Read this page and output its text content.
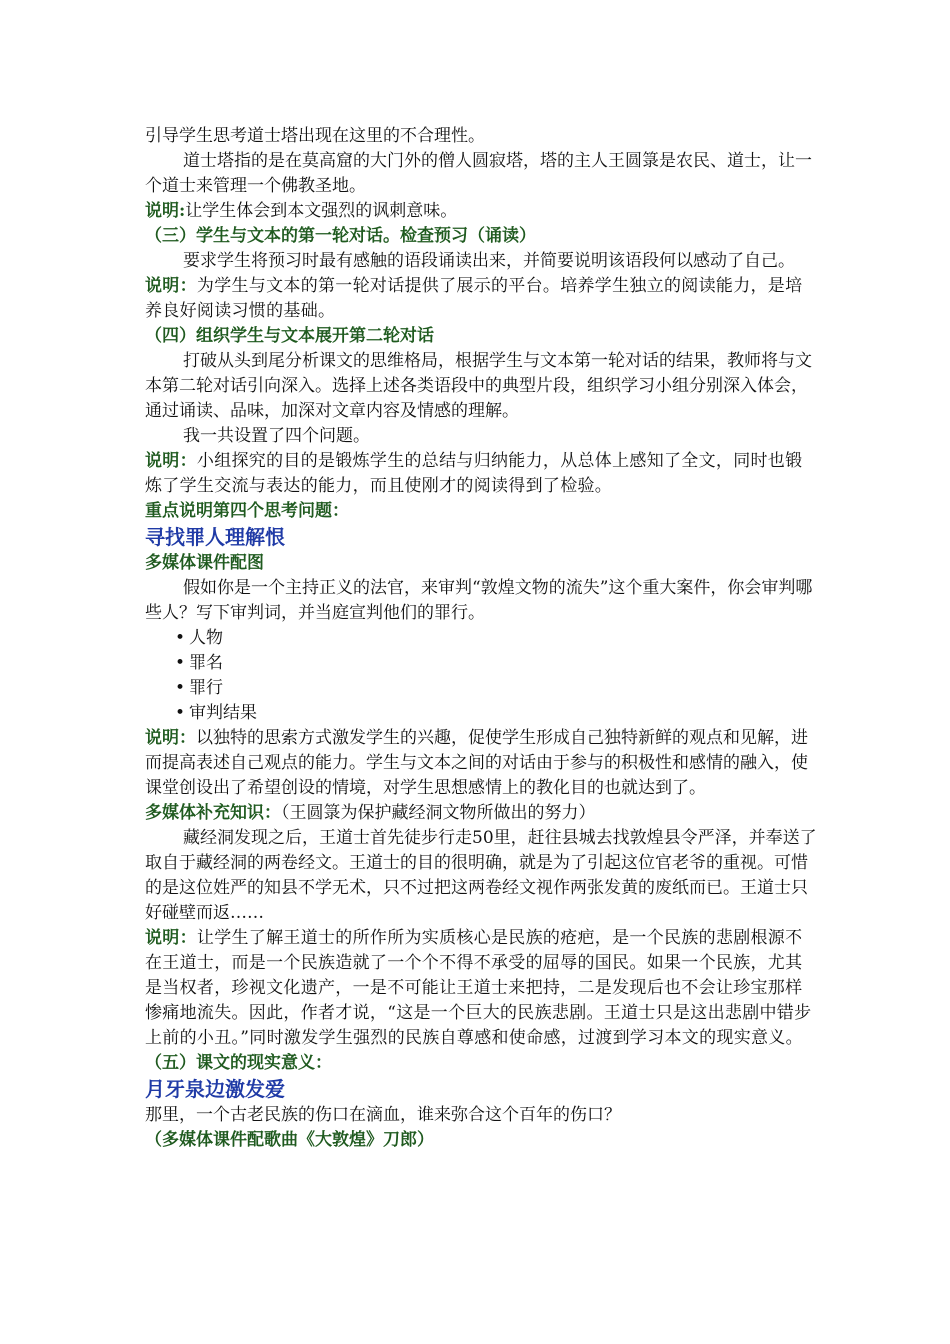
引导学生思考道士塔出现在这里的不合理性。

道士塔指的是在莫高窟的大门外的僧人圆寂塔，塔的主人王圆箓是农民、道士，让一个道士来管理一个佛教圣地。

说明:让学生体会到本文强烈的讽刺意味。

（三）学生与文本的第一轮对话。检查预习（诵读）

要求学生将预习时最有感触的语段诵读出来，并简要说明该语段何以感动了自己。

说明：为学生与文本的第一轮对话提供了展示的平台。培养学生独立的阅读能力，是培养良好阅读习惯的基础。

（四）组织学生与文本展开第二轮对话

打破从头到尾分析课文的思维格局，根据学生与文本第一轮对话的结果，教师将与文本第二轮对话引向深入。选择上述各类语段中的典型片段，组织学习小组分别深入体会，通过诵读、品味，加深对文章内容及情感的理解。

我一共设置了四个问题。

说明：小组探究的目的是锻炼学生的总结与归纳能力，从总体上感知了全文，同时也锻炼了学生交流与表达的能力，而且使刚才的阅读得到了检验。

重点说明第四个思考问题：

寻找罪人理解恨

多媒体课件配图

假如你是一个主持正义的法官，来审判“敦煌文物的流失”这个重大案件，你会审判哪些人？写下审判词，并当庭宣判他们的罪行。

• 人物
• 罪名
• 罪行
• 审判结果

说明：以独特的思索方式激发学生的兴趣，促使学生形成自己独特新鲜的观点和见解，进而提高表述自己观点的能力。学生与文本之间的对话由于参与的积极性和感情的融入，使课堂创设出了希望创设的情境，对学生思想感情上的教化目的也就达到了。

多媒体补充知识：（王圆箓为保护藏经洞文物所做出的努力）

藏经洞发现之后，王道士首先徒步行走50里，赶往县城去找敦煌县令严泽，并奉送了取自于藏经洞的两卷经文。王道士的目的很明确，就是为了引起这位官老爷的重视。可惜的是这位姓严的知县不学无术，只不过把这两卷经文视作两张发黄的废纸而已。王道士只好碰壁而返……

说明：让学生了解王道士的所作所为实质核心是民族的疮疤，是一个民族的悲剧根源不在王道士，而是一个民族造就了一个个不得不承受的屈辱的国民。如果一个民族，尤其是当权者，珍视文化遗产，一是不可能让王道士来把持，二是发现后也不会让珍宝那样惨痛地流失。因此，作者才说，“这是一个巨大的民族悲剧。王道士只是这出悲剧中错步上前的小丑。”同时激发学生强烈的民族自尊感和使命感，过渡到学习本文的现实意义。

（五）课文的现实意义：

月牙泉边激发爱

那里，一个古老民族的伤口在滴血，谁来弥合这个百年的伤口？

（多媒体课件配歌曲《大敦煌》刀郎）
